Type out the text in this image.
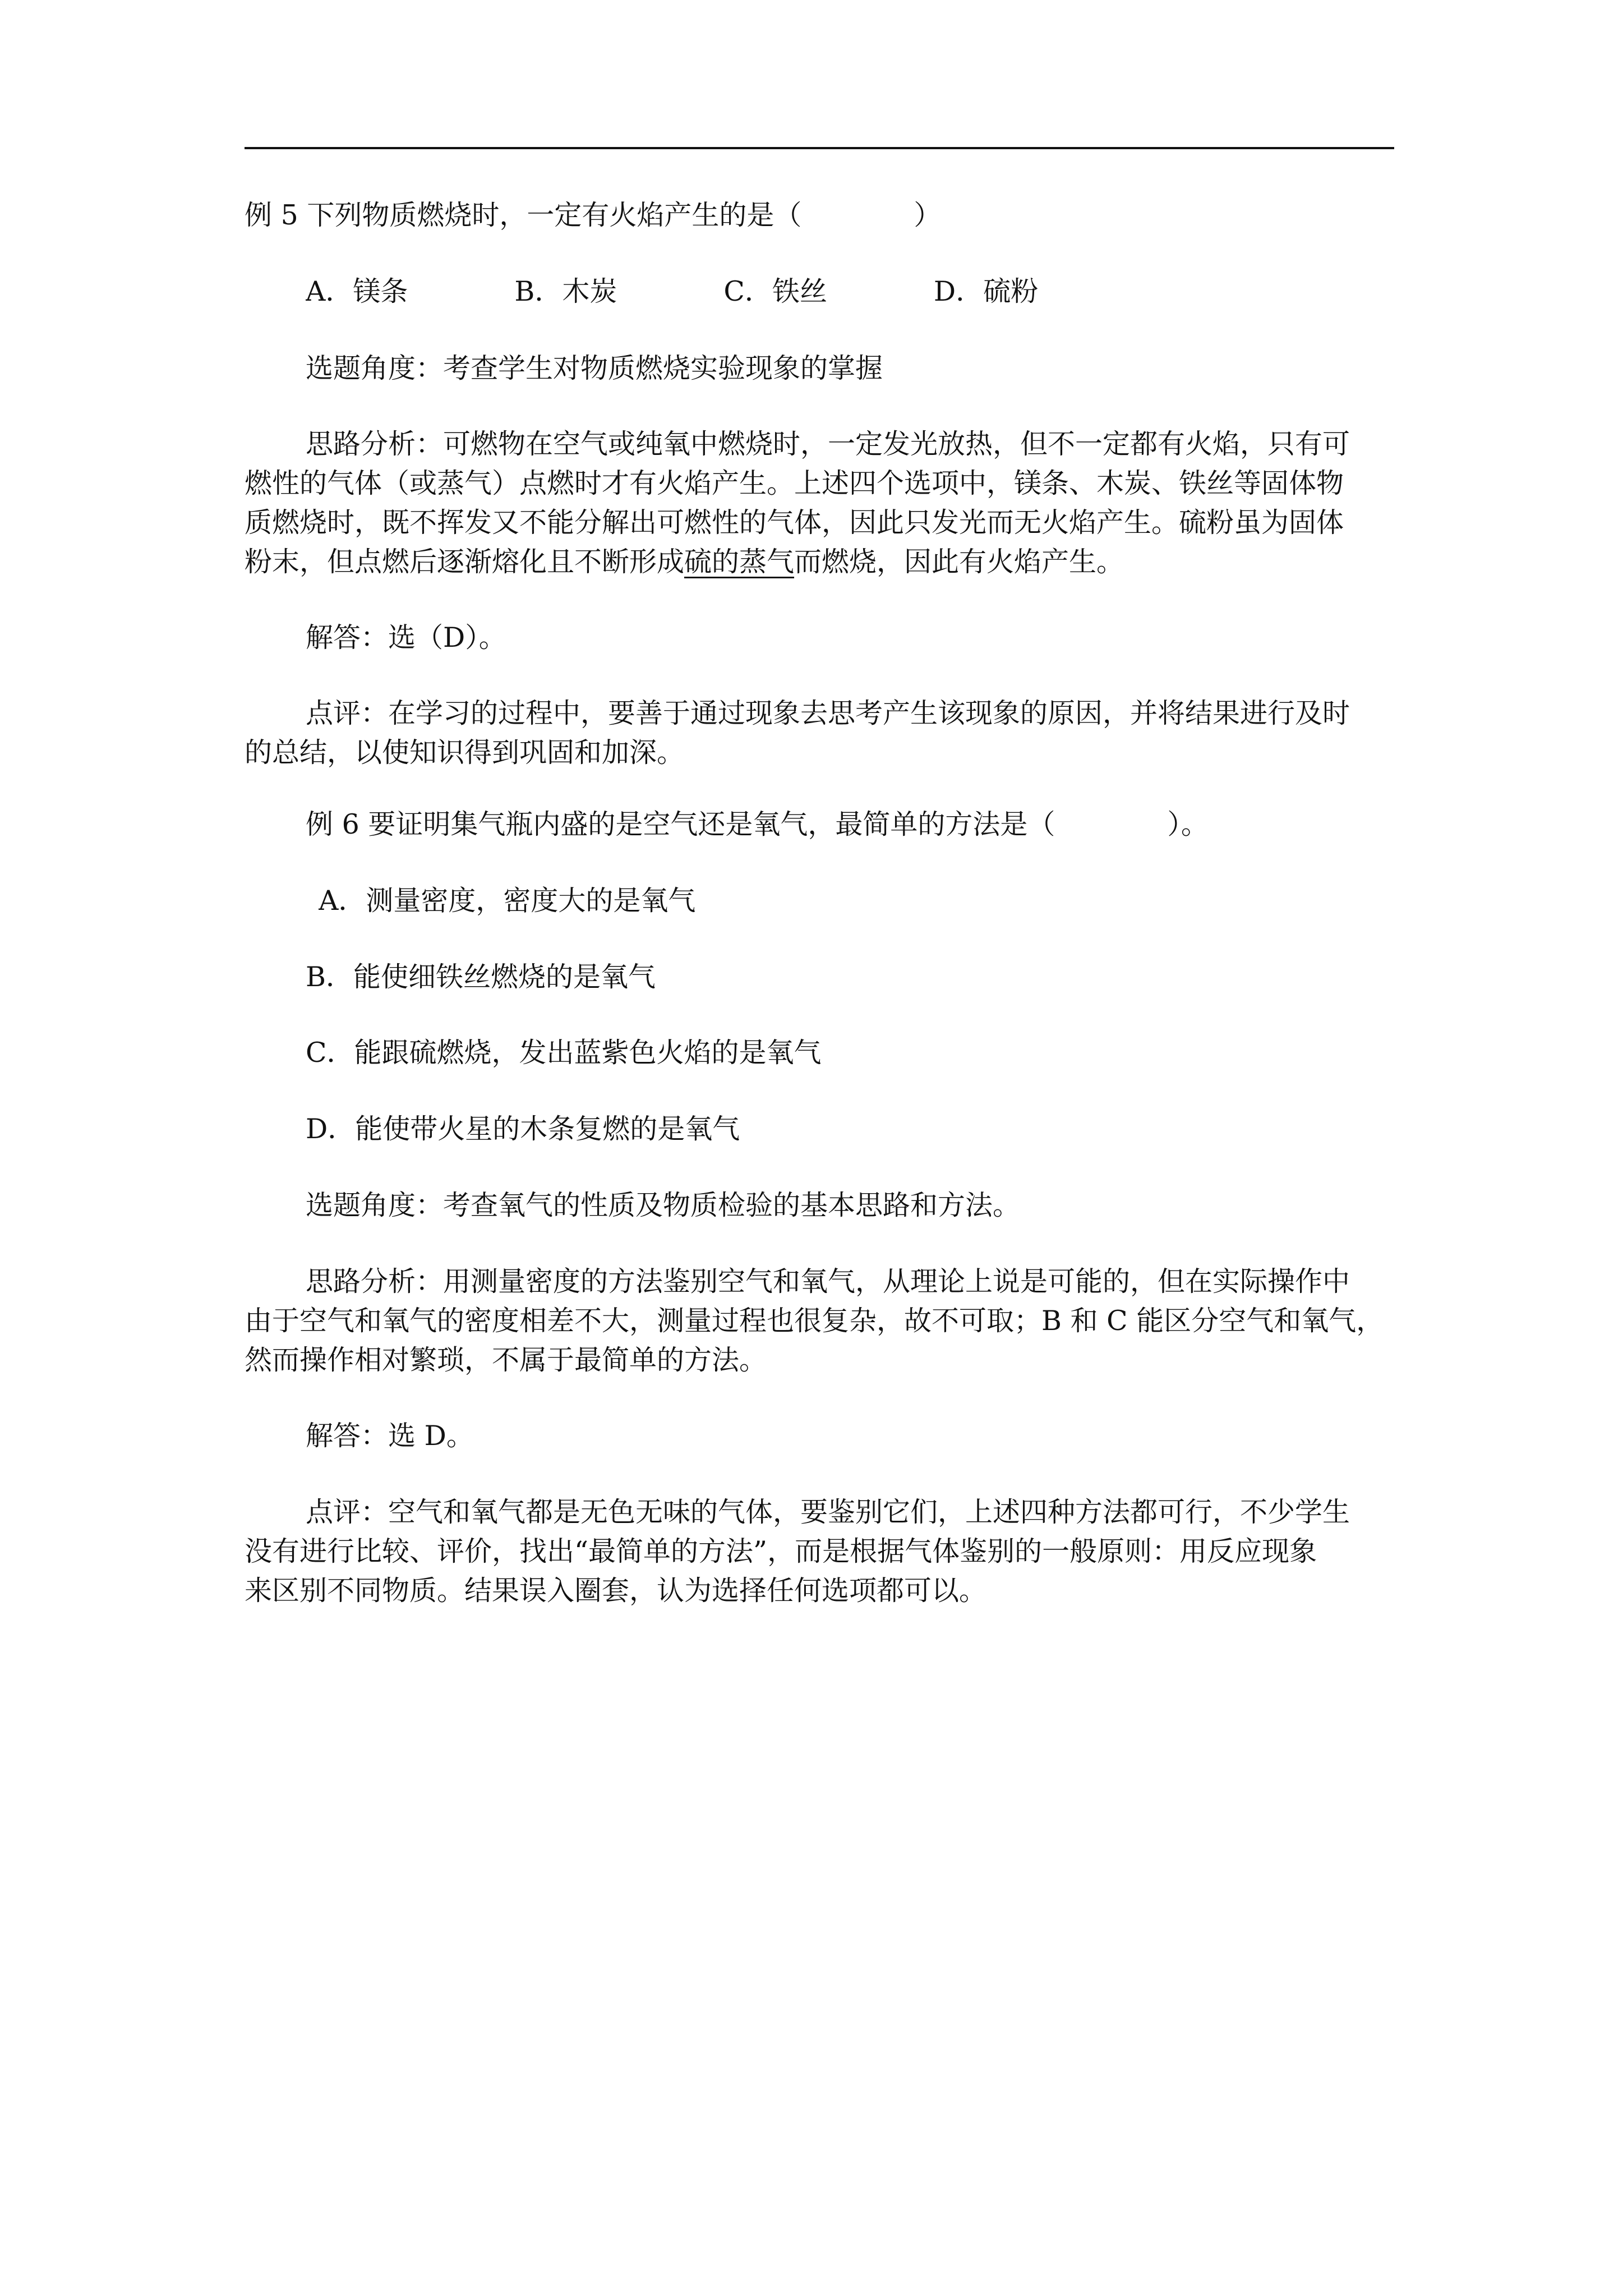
例 5 下列物质燃烧时，一定有火焰产生的是（	）
A．镁条	B．木炭	C．铁丝	D．硫粉
选题角度：考查学生对物质燃烧实验现象的掌握
思路分析：可燃物在空气或纯氧中燃烧时，一定发光放热，但不一定都有火焰，只有可
燃性的气体（或蒸气）点燃时才有火焰产生。上述四个选项中，镁条、木炭、铁丝等固体物
质燃烧时，既不挥发又不能分解出可燃性的气体，因此只发光而无火焰产生。硫粉虽为固体
粉末，但点燃后逐渐熔化且不断形成硫的蒸气而燃烧，因此有火焰产生。
解答：选（D）。
点评：在学习的过程中，要善于通过现象去思考产生该现象的原因，并将结果进行及时
的总结，以使知识得到巩固和加深。
例 6 要证明集气瓶内盛的是空气还是氧气，最简单的方法是（	）。
A．测量密度，密度大的是氧气
B．能使细铁丝燃烧的是氧气
C．能跟硫燃烧，发出蓝紫色火焰的是氧气
D．能使带火星的木条复燃的是氧气
选题角度：考查氧气的性质及物质检验的基本思路和方法。
思路分析：用测量密度的方法鉴别空气和氧气，从理论上说是可能的，但在实际操作中
由于空气和氧气的密度相差不大，测量过程也很复杂，故不可取；B 和 C 能区分空气和氧气，
然而操作相对繁琐，不属于最简单的方法。
解答：选 D。
点评：空气和氧气都是无色无味的气体，要鉴别它们，上述四种方法都可行，不少学生
没有进行比较、评价，找出“最简单的方法”，而是根据气体鉴别的一般原则：用反应现象
来区别不同物质。结果误入圈套，认为选择任何选项都可以。
